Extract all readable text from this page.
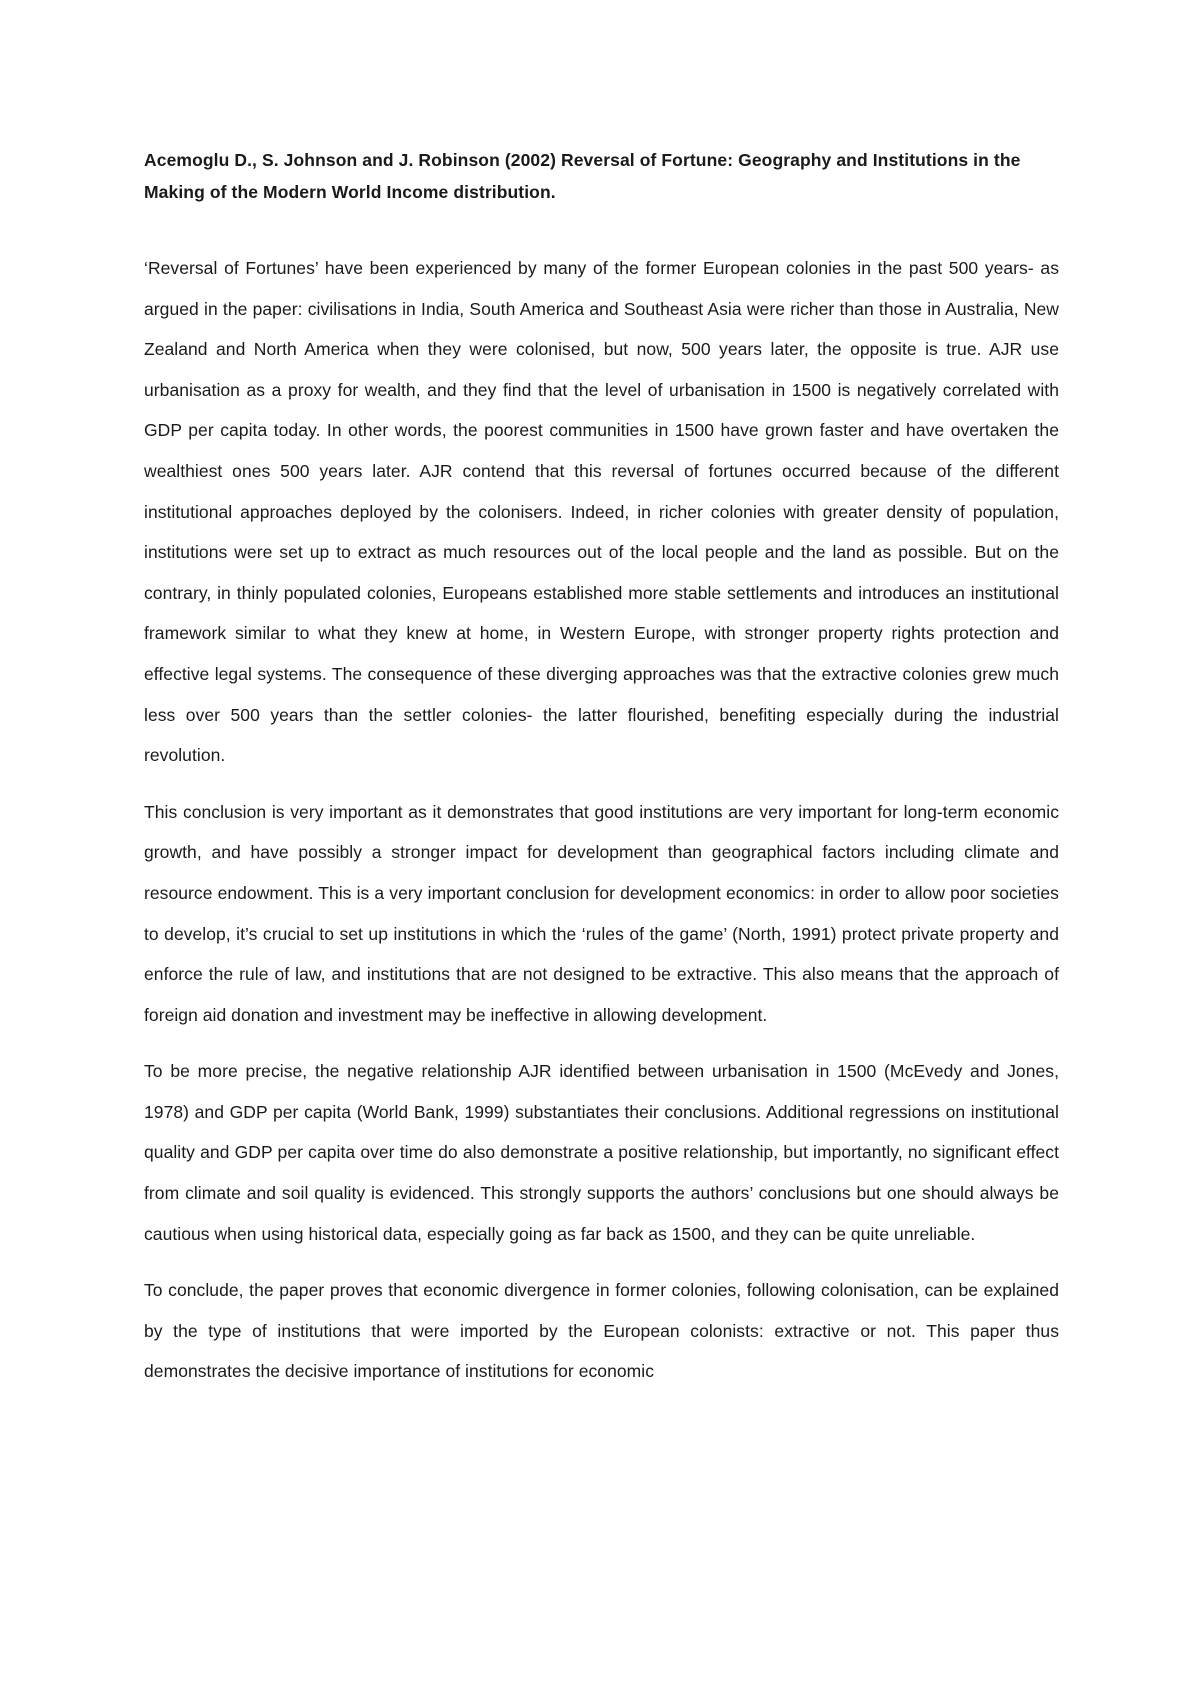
Acemoglu D., S. Johnson and J. Robinson (2002) Reversal of Fortune: Geography and Institutions in the Making of the Modern World Income distribution.

‘Reversal of Fortunes’ have been experienced by many of the former European colonies in the past 500 years- as argued in the paper: civilisations in India, South America and Southeast Asia were richer than those in Australia, New Zealand and North America when they were colonised, but now, 500 years later, the opposite is true. AJR use urbanisation as a proxy for wealth, and they find that the level of urbanisation in 1500 is negatively correlated with GDP per capita today. In other words, the poorest communities in 1500 have grown faster and have overtaken the wealthiest ones 500 years later. AJR contend that this reversal of fortunes occurred because of the different institutional approaches deployed by the colonisers. Indeed, in richer colonies with greater density of population, institutions were set up to extract as much resources out of the local people and the land as possible. But on the contrary, in thinly populated colonies, Europeans established more stable settlements and introduces an institutional framework similar to what they knew at home, in Western Europe, with stronger property rights protection and effective legal systems. The consequence of these diverging approaches was that the extractive colonies grew much less over 500 years than the settler colonies- the latter flourished, benefiting especially during the industrial revolution.

This conclusion is very important as it demonstrates that good institutions are very important for long-term economic growth, and have possibly a stronger impact for development than geographical factors including climate and resource endowment. This is a very important conclusion for development economics: in order to allow poor societies to develop, it’s crucial to set up institutions in which the ‘rules of the game’ (North, 1991) protect private property and enforce the rule of law, and institutions that are not designed to be extractive. This also means that the approach of foreign aid donation and investment may be ineffective in allowing development.

To be more precise, the negative relationship AJR identified between urbanisation in 1500 (McEvedy and Jones, 1978) and GDP per capita (World Bank, 1999) substantiates their conclusions. Additional regressions on institutional quality and GDP per capita over time do also demonstrate a positive relationship, but importantly, no significant effect from climate and soil quality is evidenced. This strongly supports the authors’ conclusions but one should always be cautious when using historical data, especially going as far back as 1500, and they can be quite unreliable.

To conclude, the paper proves that economic divergence in former colonies, following colonisation, can be explained by the type of institutions that were imported by the European colonists: extractive or not. This paper thus demonstrates the decisive importance of institutions for economic
